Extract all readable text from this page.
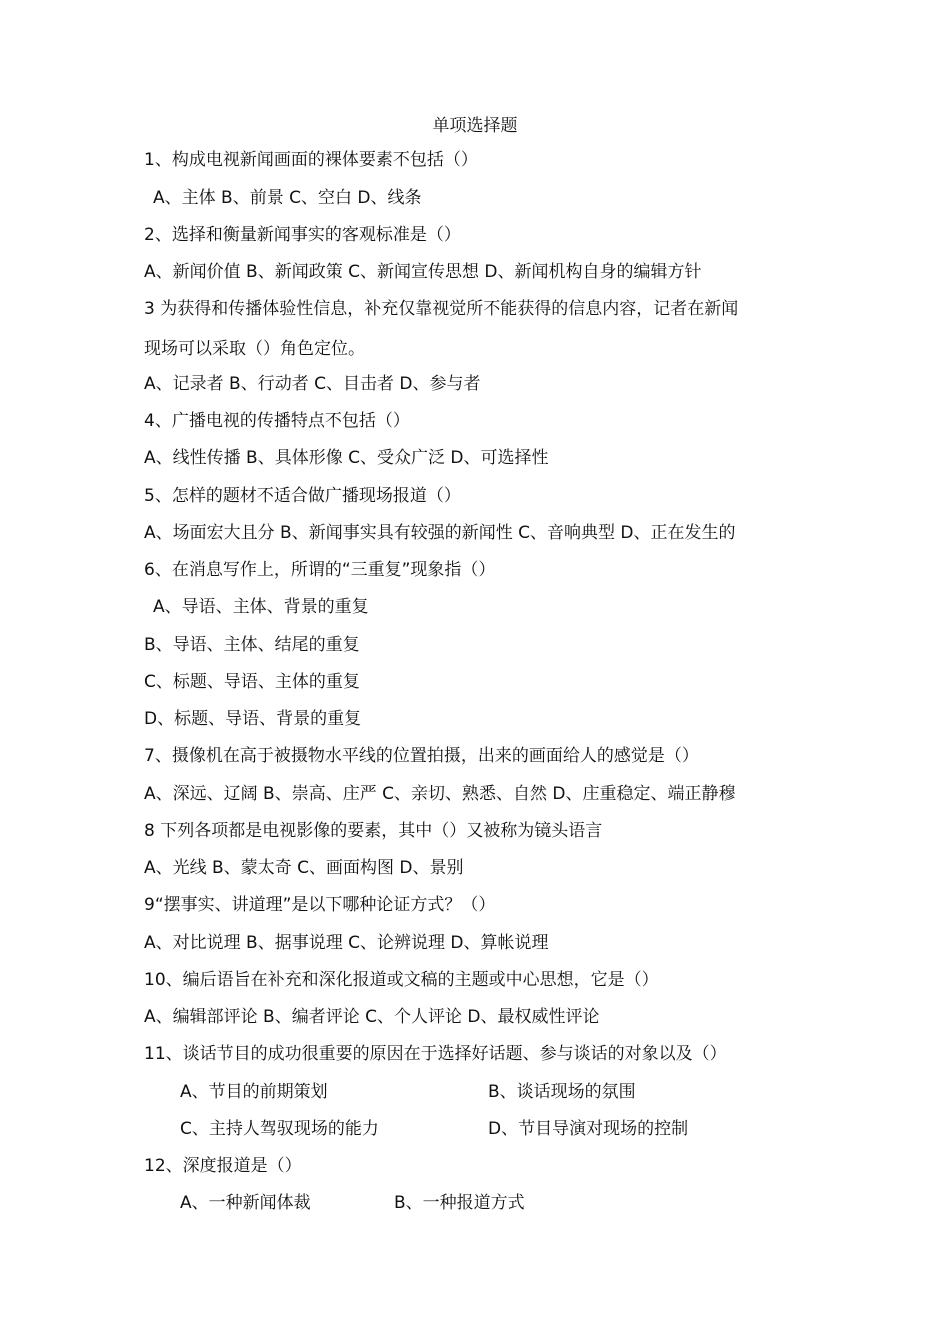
单项选择题
1、构成电视新闻画面的裸体要素不包括（）
A、主体 B、前景 C、空白 D、线条
2、选择和衡量新闻事实的客观标准是（）
A、新闻价值 B、新闻政策 C、新闻宣传思想 D、新闻机构自身的编辑方针
3 为获得和传播体验性信息，补充仅靠视觉所不能获得的信息内容，记者在新闻
现场可以采取（）角色定位。
A、记录者 B、行动者 C、目击者 D、参与者
4、广播电视的传播特点不包括（）
A、线性传播 B、具体形像 C、受众广泛 D、可选择性
5、怎样的题材不适合做广播现场报道（）
A、场面宏大且分 B、新闻事实具有较强的新闻性 C、音响典型 D、正在发生的
6、在消息写作上，所谓的“三重复”现象指（）
A、导语、主体、背景的重复
B、导语、主体、结尾的重复
C、标题、导语、主体的重复
D、标题、导语、背景的重复
7、摄像机在高于被摄物水平线的位置拍摄，出来的画面给人的感觉是（）
A、深远、辽阔 B、崇高、庄严 C、亲切、熟悉、自然 D、庄重稳定、端正静穆
8 下列各项都是电视影像的要素，其中（）又被称为镜头语言
A、光线 B、蒙太奇 C、画面构图 D、景别
9“摆事实、讲道理”是以下哪种论证方式？（）
A、对比说理 B、据事说理 C、论辨说理 D、算帐说理
10、编后语旨在补充和深化报道或文稿的主题或中心思想，它是（）
A、编辑部评论 B、编者评论 C、个人评论 D、最权威性评论
11、谈话节目的成功很重要的原因在于选择好话题、参与谈话的对象以及（）
A、节目的前期策划	B、谈话现场的氛围
C、主持人驾驭现场的能力	D、节目导演对现场的控制
12、深度报道是（）
A、一种新闻体裁	B、一种报道方式
